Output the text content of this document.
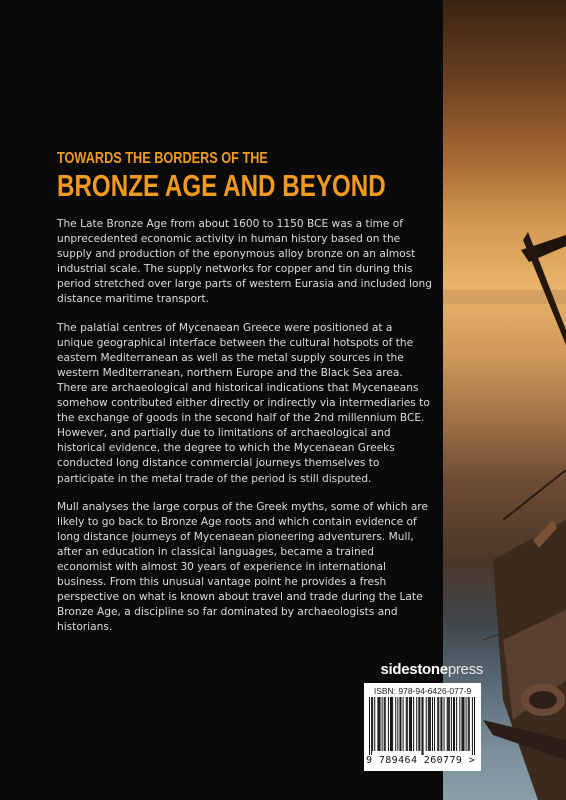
TOWARDS THE BORDERS OF THE
BRONZE AGE AND BEYOND

The Late Bronze Age from about 1600 to 1150 BCE was a time of unprecedented economic activity in human history based on the supply and production of the eponymous alloy bronze on an almost industrial scale. The supply networks for copper and tin during this period stretched over large parts of western Eurasia and included long distance maritime transport.

The palatial centres of Mycenaean Greece were positioned at a unique geographical interface between the cultural hotspots of the eastern Mediterranean as well as the metal supply sources in the western Mediterranean, northern Europe and the Black Sea area. There are archaeological and historical indications that Mycenaeans somehow contributed either directly or indirectly via intermediaries to the exchange of goods in the second half of the 2nd millennium BCE. However, and partially due to limitations of archaeological and historical evidence, the degree to which the Mycenaean Greeks conducted long distance commercial journeys themselves to participate in the metal trade of the period is still disputed.

Mull analyses the large corpus of the Greek myths, some of which are likely to go back to Bronze Age roots and which contain evidence of long distance journeys of Mycenaean pioneering adventurers. Mull, after an education in classical languages, became a trained economist with almost 30 years of experience in international business. From this unusual vantage point he provides a fresh perspective on what is known about travel and trade during the Late Bronze Age, a discipline so far dominated by archaeologists and historians.

sidestonepress
ISBN: 978-94-6426-077-9
9 789464 260779 >
